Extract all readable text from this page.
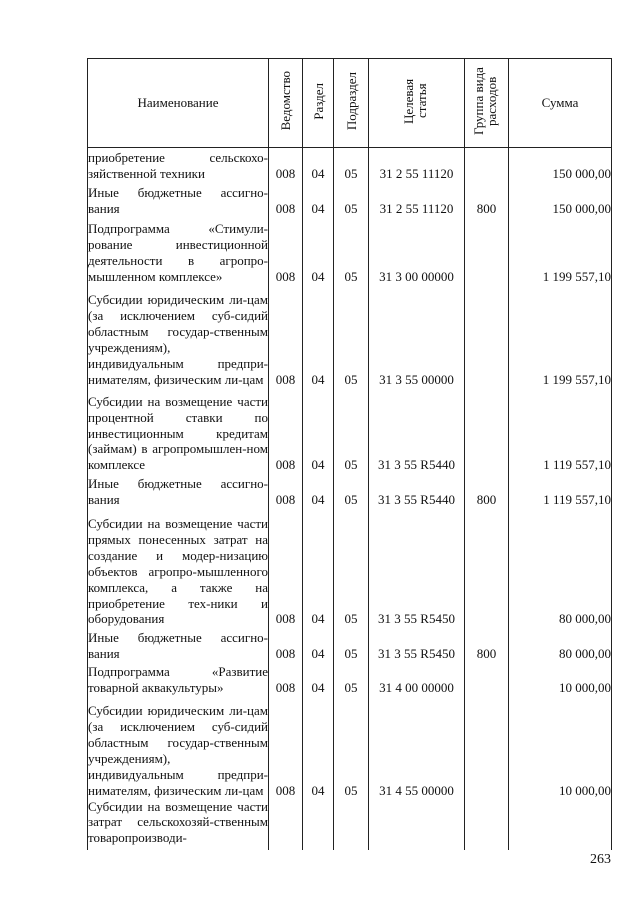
Наименование	Ведомство	Раздел	Подраздел	Целевая статья	Группа вида расходов	Сумма
приобретение сельскохо-зяйственной техники	008	04	05	31 2 55 11120		150 000,00
Иные бюджетные ассигно-вания	008	04	05	31 2 55 11120	800	150 000,00
Подпрограмма «Стимули-рование инвестиционной деятельности в агропро-мышленном комплексе»	008	04	05	31 3 00 00000		1 199 557,10
Субсидии юридическим ли-цам (за исключением суб-сидий областным государ-ственным учреждениям), индивидуальным предпри-нимателям, физическим ли-цам	008	04	05	31 3 55 00000		1 199 557,10
Субсидии на возмещение части процентной ставки по инвестиционным кредитам (займам) в агропромышлен-ном комплексе	008	04	05	31 3 55 R5440		1 119 557,10
Иные бюджетные ассигно-вания	008	04	05	31 3 55 R5440	800	1 119 557,10
Субсидии на возмещение части прямых понесенных затрат на создание и модер-низацию объектов агропро-мышленного комплекса, а также на приобретение тех-ники и оборудования	008	04	05	31 3 55 R5450		80 000,00
Иные бюджетные ассигно-вания	008	04	05	31 3 55 R5450	800	80 000,00
Подпрограмма «Развитие товарной аквакультуры»	008	04	05	31 4 00 00000		10 000,00
Субсидии юридическим ли-цам (за исключением суб-сидий областным государ-ственным учреждениям), индивидуальным предпри-нимателям, физическим ли-цам	008	04	05	31 4 55 00000		10 000,00
Субсидии на возмещение части затрат сельскохозяй-ственным товаропроизводи-						
263
